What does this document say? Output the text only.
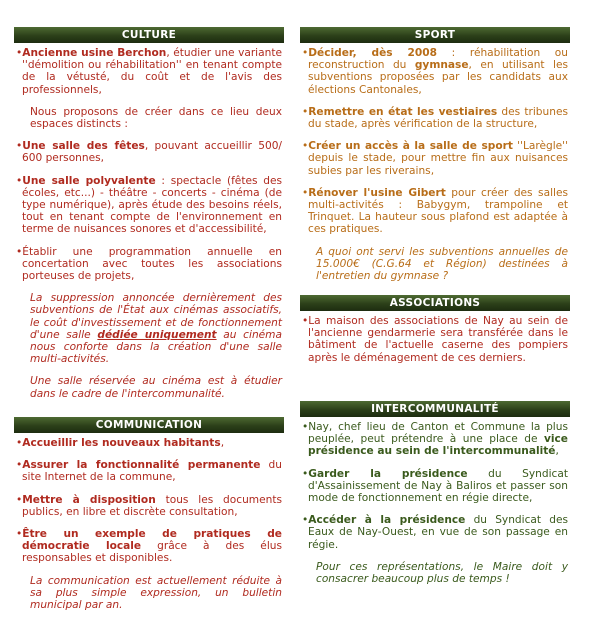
CULTURE

• Ancienne usine Berchon, étudier une variante ''démolition ou réhabilitation'' en tenant compte de la vétusté, du coût et de l'avis des professionnels,

Nous proposons de créer dans ce lieu deux espaces distincts :

• Une salle des fêtes, pouvant accueillir 500/ 600 personnes,

• Une salle polyvalente : spectacle (fêtes des écoles, etc...) - théâtre - concerts - cinéma (de type numérique), après étude des besoins réels, tout en tenant compte de l'environnement en terme de nuisances sonores et d'accessibilité,

• Établir une programmation annuelle en concertation avec toutes les associations porteuses de projets,

La suppression annoncée dernièrement des subventions de l'État aux cinémas associatifs, le coût d'investissement et de fonctionnement d'une salle dédiée uniquement au cinéma nous conforte dans la création d'une salle multi-activités.

Une salle réservée au cinéma est à étudier dans le cadre de l'intercommunalité.

COMMUNICATION

• Accueillir les nouveaux habitants,

• Assurer la fonctionnalité permanente du site Internet de la commune,

• Mettre à disposition tous les documents publics, en libre et discrète consultation,

• Être un exemple de pratiques de démocratie locale grâce à des élus responsables et disponibles.

La communication est actuellement réduite à sa plus simple expression, un bulletin municipal par an.

SPORT

• Décider, dès 2008 : réhabilitation ou reconstruction du gymnase, en utilisant les subventions proposées par les candidats aux élections Cantonales,

• Remettre en état les vestiaires des tribunes du stade, après vérification de la structure,

• Créer un accès à la salle de sport ''Larègle'' depuis le stade, pour mettre fin aux nuisances subies par les riverains,

• Rénover l'usine Gibert pour créer des salles multi-activités : Babygym, trampoline et Trinquet. La hauteur sous plafond est adaptée à ces pratiques.

A quoi ont servi les subventions annuelles de 15.000€ (C.G.64 et Région) destinées à l'entretien du gymnase ?

ASSOCIATIONS

• La maison des associations de Nay au sein de l'ancienne gendarmerie sera transférée dans le bâtiment de l'actuelle caserne des pompiers après le déménagement de ces derniers.

INTERCOMMUNALITÉ

• Nay, chef lieu de Canton et Commune la plus peuplée, peut prétendre à une place de vice présidence au sein de l'intercommunalité,

• Garder la présidence du Syndicat d'Assainissement de Nay à Baliros et passer son mode de fonctionnement en régie directe,

• Accéder à la présidence du Syndicat des Eaux de Nay-Ouest, en vue de son passage en régie.

Pour ces représentations, le Maire doit y consacrer beaucoup plus de temps !
